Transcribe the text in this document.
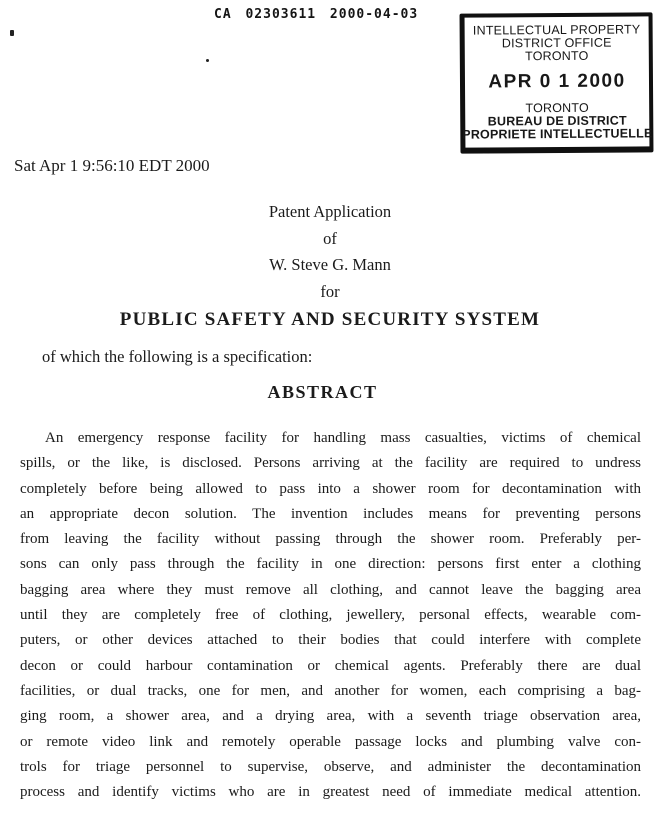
CA 02303611 2000-04-03
INTELLECTUAL PROPERTY
DISTRICT OFFICE
TORONTO
APR 0 1 2000
TORONTO
BUREAU DE DISTRICT
PROPRIETE INTELLECTUELLE
Sat Apr 1 9:56:10 EDT 2000
Patent Application
of
W. Steve G. Mann
for
PUBLIC SAFETY AND SECURITY SYSTEM
of which the following is a specification:
ABSTRACT
An emergency response facility for handling mass casualties, victims of chemical
spills, or the like, is disclosed. Persons arriving at the facility are required to undress
completely before being allowed to pass into a shower room for decontamination with
an appropriate decon solution. The invention includes means for preventing persons
from leaving the facility without passing through the shower room. Preferably per-
sons can only pass through the facility in one direction: persons first enter a clothing
bagging area where they must remove all clothing, and cannot leave the bagging area
until they are completely free of clothing, jewellery, personal effects, wearable com-
puters, or other devices attached to their bodies that could interfere with complete
decon or could harbour contamination or chemical agents. Preferably there are dual
facilities, or dual tracks, one for men, and another for women, each comprising a bag-
ging room, a shower area, and a drying area, with a seventh triage observation area,
or remote video link and remotely operable passage locks and plumbing valve con-
trols for triage personnel to supervise, observe, and administer the decontamination
process and identify victims who are in greatest need of immediate medical attention.
